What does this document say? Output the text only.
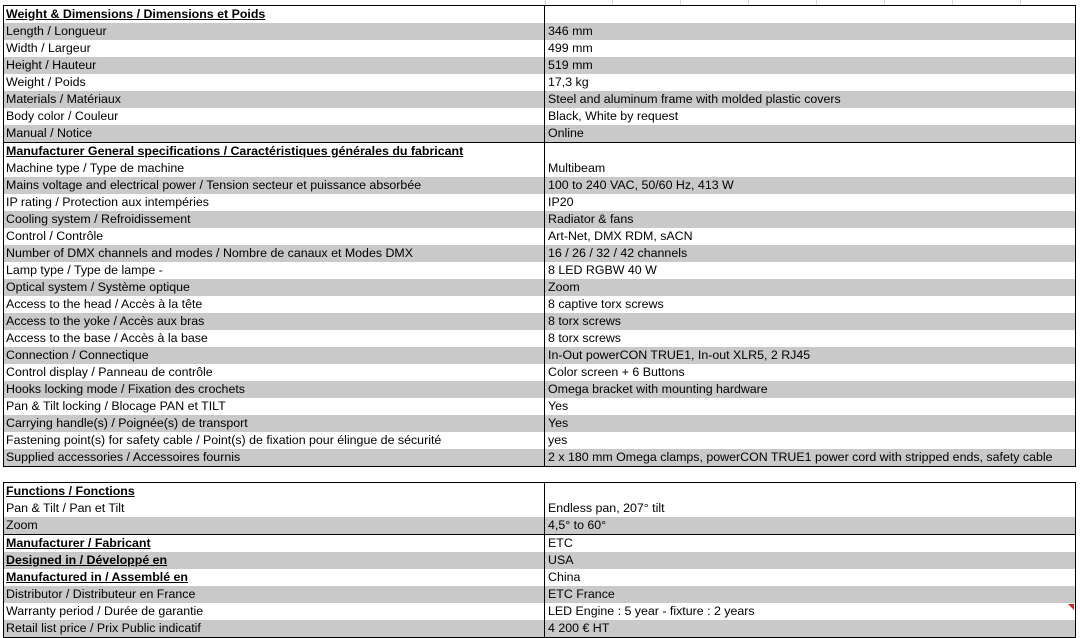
Weight & Dimensions / Dimensions et Poids
Length / Longueur	346 mm
Width / Largeur	499 mm
Height / Hauteur	519 mm
Weight / Poids	17,3 kg
Materials / Matériaux	Steel and aluminum frame with molded plastic covers
Body color / Couleur	Black, White by request
Manual / Notice	Online
Manufacturer General specifications / Caractéristiques générales du fabricant
Machine type / Type de machine	Multibeam
Mains voltage and electrical power / Tension secteur et puissance absorbée	100 to 240 VAC, 50/60 Hz, 413 W
IP rating / Protection aux intempéries	IP20
Cooling system / Refroidissement	Radiator & fans
Control / Contrôle	Art-Net, DMX RDM, sACN
Number of DMX channels and modes / Nombre de canaux et Modes DMX	16 / 26 / 32 / 42 channels
Lamp type / Type de lampe -	8 LED RGBW 40 W
Optical system / Système optique	Zoom
Access to the head / Accès à la tête	8 captive torx screws
Access to the yoke / Accès aux bras	8 torx screws
Access to the base / Accès à la base	8 torx screws
Connection / Connectique	In-Out powerCON TRUE1, In-out XLR5, 2 RJ45
Control display / Panneau de contrôle	Color screen + 6 Buttons
Hooks locking mode / Fixation des crochets	Omega bracket with mounting hardware
Pan & Tilt locking / Blocage PAN et TILT	Yes
Carrying handle(s) / Poignée(s) de transport	Yes
Fastening point(s) for safety cable / Point(s) de fixation pour élingue de sécurité	yes
Supplied accessories / Accessoires fournis	2 x 180 mm Omega clamps, powerCON TRUE1 power cord with stripped ends, safety cable
Functions / Fonctions
Pan & Tilt / Pan et Tilt	Endless pan, 207° tilt
Zoom	4,5° to 60°
Manufacturer / Fabricant	ETC
Designed in / Développé en	USA
Manufactured in / Assemblé en	China
Distributor / Distributeur en France	ETC France
Warranty period / Durée de garantie	LED Engine : 5 year - fixture : 2 years
Retail list price / Prix Public indicatif	4 200 € HT
